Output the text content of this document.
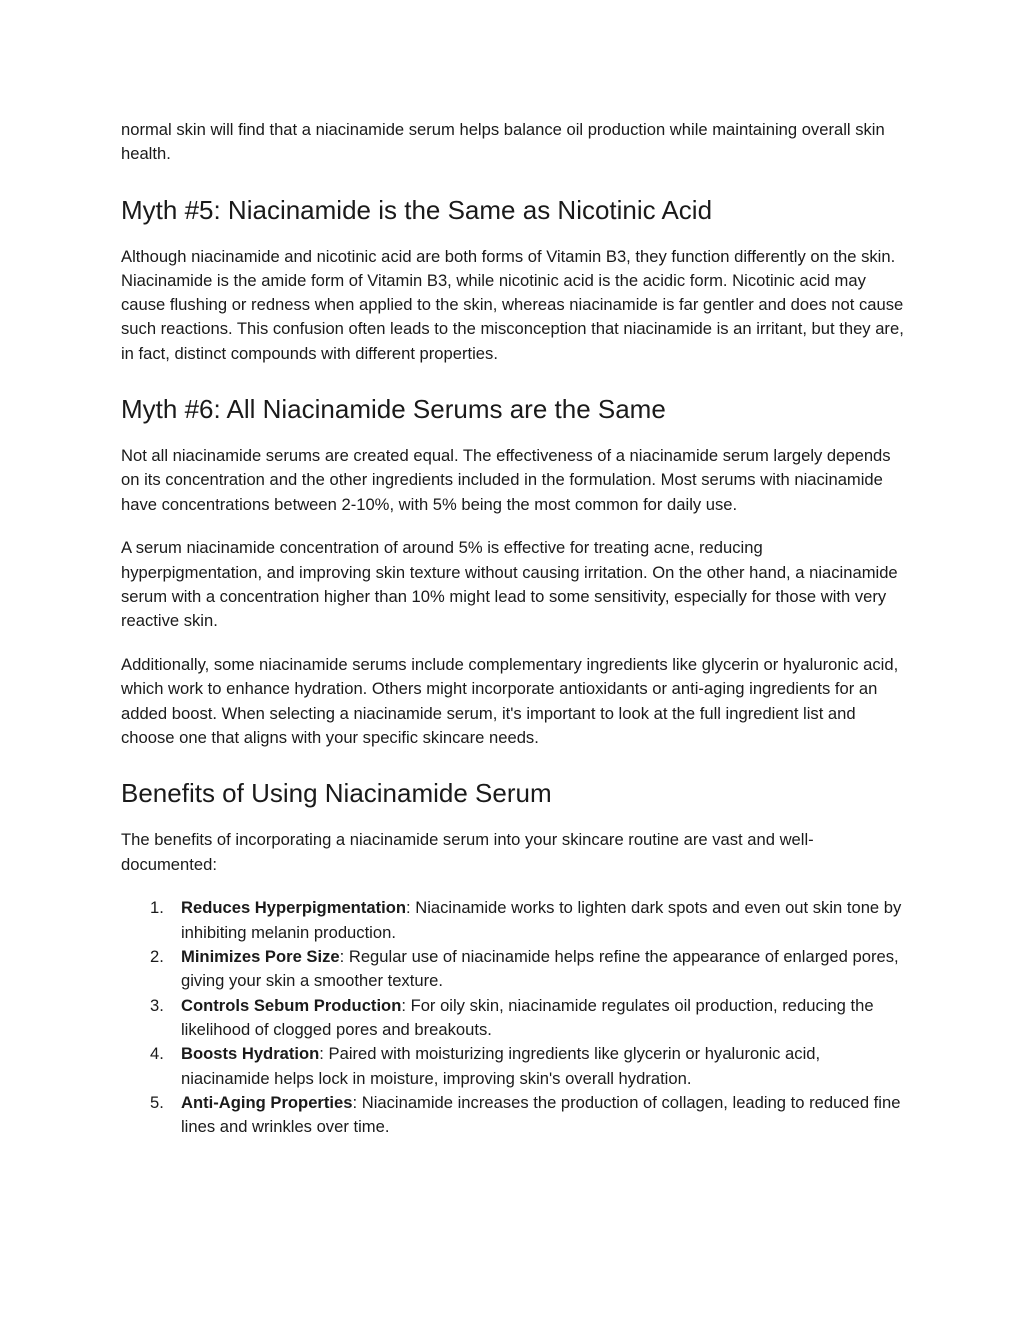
normal skin will find that a niacinamide serum helps balance oil production while maintaining overall skin health.

Myth #5: Niacinamide is the Same as Nicotinic Acid

Although niacinamide and nicotinic acid are both forms of Vitamin B3, they function differently on the skin. Niacinamide is the amide form of Vitamin B3, while nicotinic acid is the acidic form. Nicotinic acid may cause flushing or redness when applied to the skin, whereas niacinamide is far gentler and does not cause such reactions. This confusion often leads to the misconception that niacinamide is an irritant, but they are, in fact, distinct compounds with different properties.

Myth #6: All Niacinamide Serums are the Same

Not all niacinamide serums are created equal. The effectiveness of a niacinamide serum largely depends on its concentration and the other ingredients included in the formulation. Most serums with niacinamide have concentrations between 2-10%, with 5% being the most common for daily use.

A serum niacinamide concentration of around 5% is effective for treating acne, reducing hyperpigmentation, and improving skin texture without causing irritation. On the other hand, a niacinamide serum with a concentration higher than 10% might lead to some sensitivity, especially for those with very reactive skin.

Additionally, some niacinamide serums include complementary ingredients like glycerin or hyaluronic acid, which work to enhance hydration. Others might incorporate antioxidants or anti-aging ingredients for an added boost. When selecting a niacinamide serum, it's important to look at the full ingredient list and choose one that aligns with your specific skincare needs.

Benefits of Using Niacinamide Serum

The benefits of incorporating a niacinamide serum into your skincare routine are vast and well-documented:

1. Reduces Hyperpigmentation: Niacinamide works to lighten dark spots and even out skin tone by inhibiting melanin production.
2. Minimizes Pore Size: Regular use of niacinamide helps refine the appearance of enlarged pores, giving your skin a smoother texture.
3. Controls Sebum Production: For oily skin, niacinamide regulates oil production, reducing the likelihood of clogged pores and breakouts.
4. Boosts Hydration: Paired with moisturizing ingredients like glycerin or hyaluronic acid, niacinamide helps lock in moisture, improving skin's overall hydration.
5. Anti-Aging Properties: Niacinamide increases the production of collagen, leading to reduced fine lines and wrinkles over time.
